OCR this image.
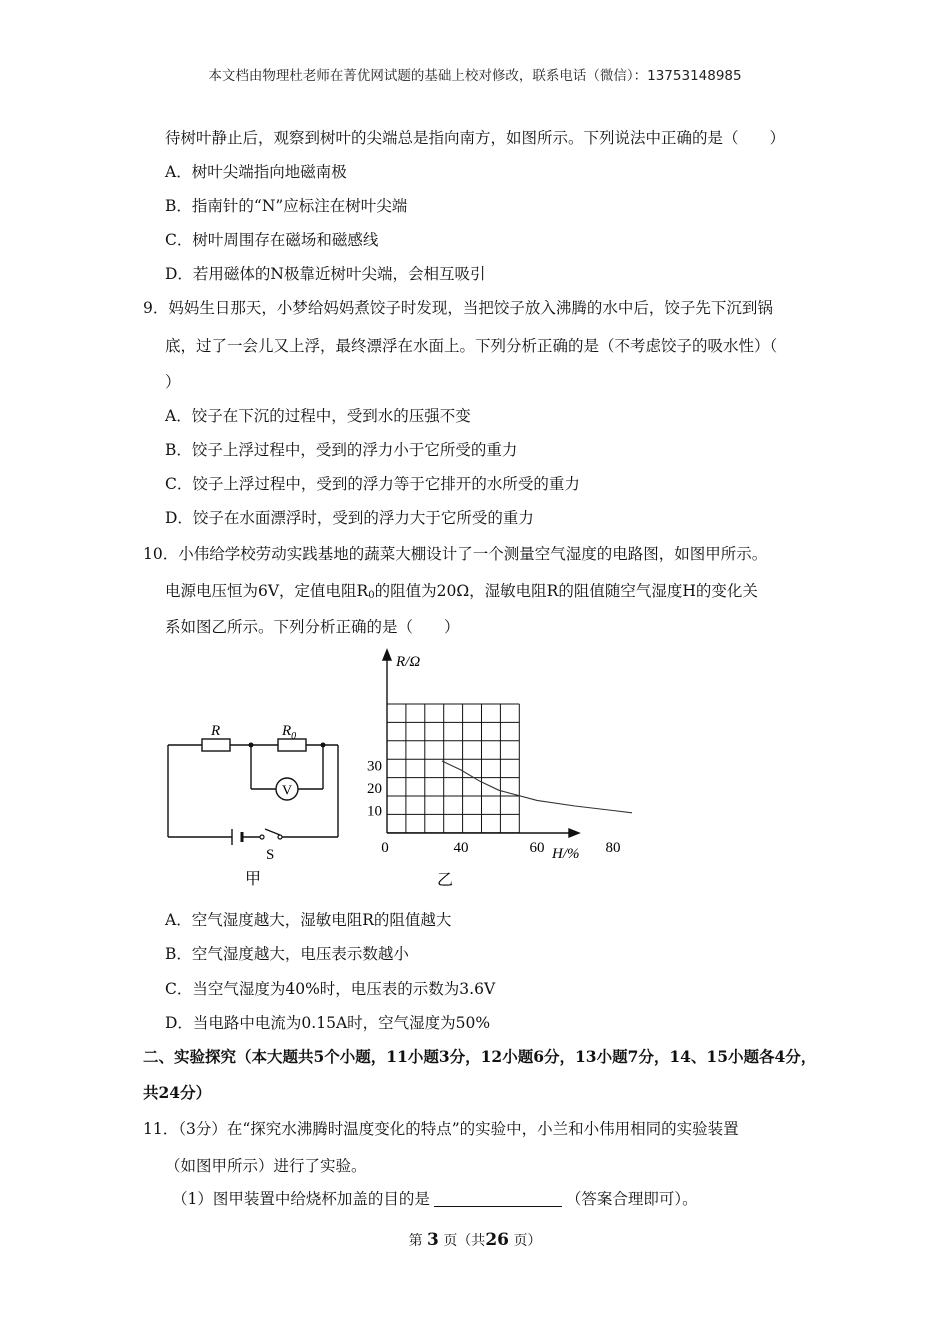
本文档由物理杜老师在菁优网试题的基础上校对修改，联系电话（微信）：13753148985
待树叶静止后，观察到树叶的尖端总是指向南方，如图所示。下列说法中正确的是（　　）
A．树叶尖端指向地磁南极
B．指南针的“N”应标注在树叶尖端
C．树叶周围存在磁场和磁感线
D．若用磁体的N极靠近树叶尖端，会相互吸引
9．妈妈生日那天，小梦给妈妈煮饺子时发现，当把饺子放入沸腾的水中后，饺子先下沉到锅
底，过了一会儿又上浮，最终漂浮在水面上。下列分析正确的是（不考虑饺子的吸水性）（
）
A．饺子在下沉的过程中，受到水的压强不变
B．饺子上浮过程中，受到的浮力小于它所受的重力
C．饺子上浮过程中，受到的浮力等于它排开的水所受的重力
D．饺子在水面漂浮时，受到的浮力大于它所受的重力
10．小伟给学校劳动实践基地的蔬菜大棚设计了一个测量空气湿度的电路图，如图甲所示。
电源电压恒为6V，定值电阻$R_0$的阻值为20Ω，湿敏电阻R的阻值随空气湿度H的变化关
系如图乙所示。下列分析正确的是（　　）
V
R	$R_0$
S
甲
10
20
30
40	60	80
R/Ω
H/%
0
乙
A．空气湿度越大，湿敏电阻R的阻值越大
B．空气湿度越大，电压表示数越小
C．当空气湿度为40%时，电压表的示数为3.6V
D．当电路中电流为0.15A时，空气湿度为50%
二、实验探究（本大题共5个小题，11小题3分，12小题6分，13小题7分，14、15小题各4分，
共24分）
11．（3分）在“探究水沸腾时温度变化的特点”的实验中，小兰和小伟用相同的实验装置
（如图甲所示）进行了实验。
（1）图甲装置中给烧杯加盖的目的是	（答案合理即可）。
第 3 页（共26 页）
